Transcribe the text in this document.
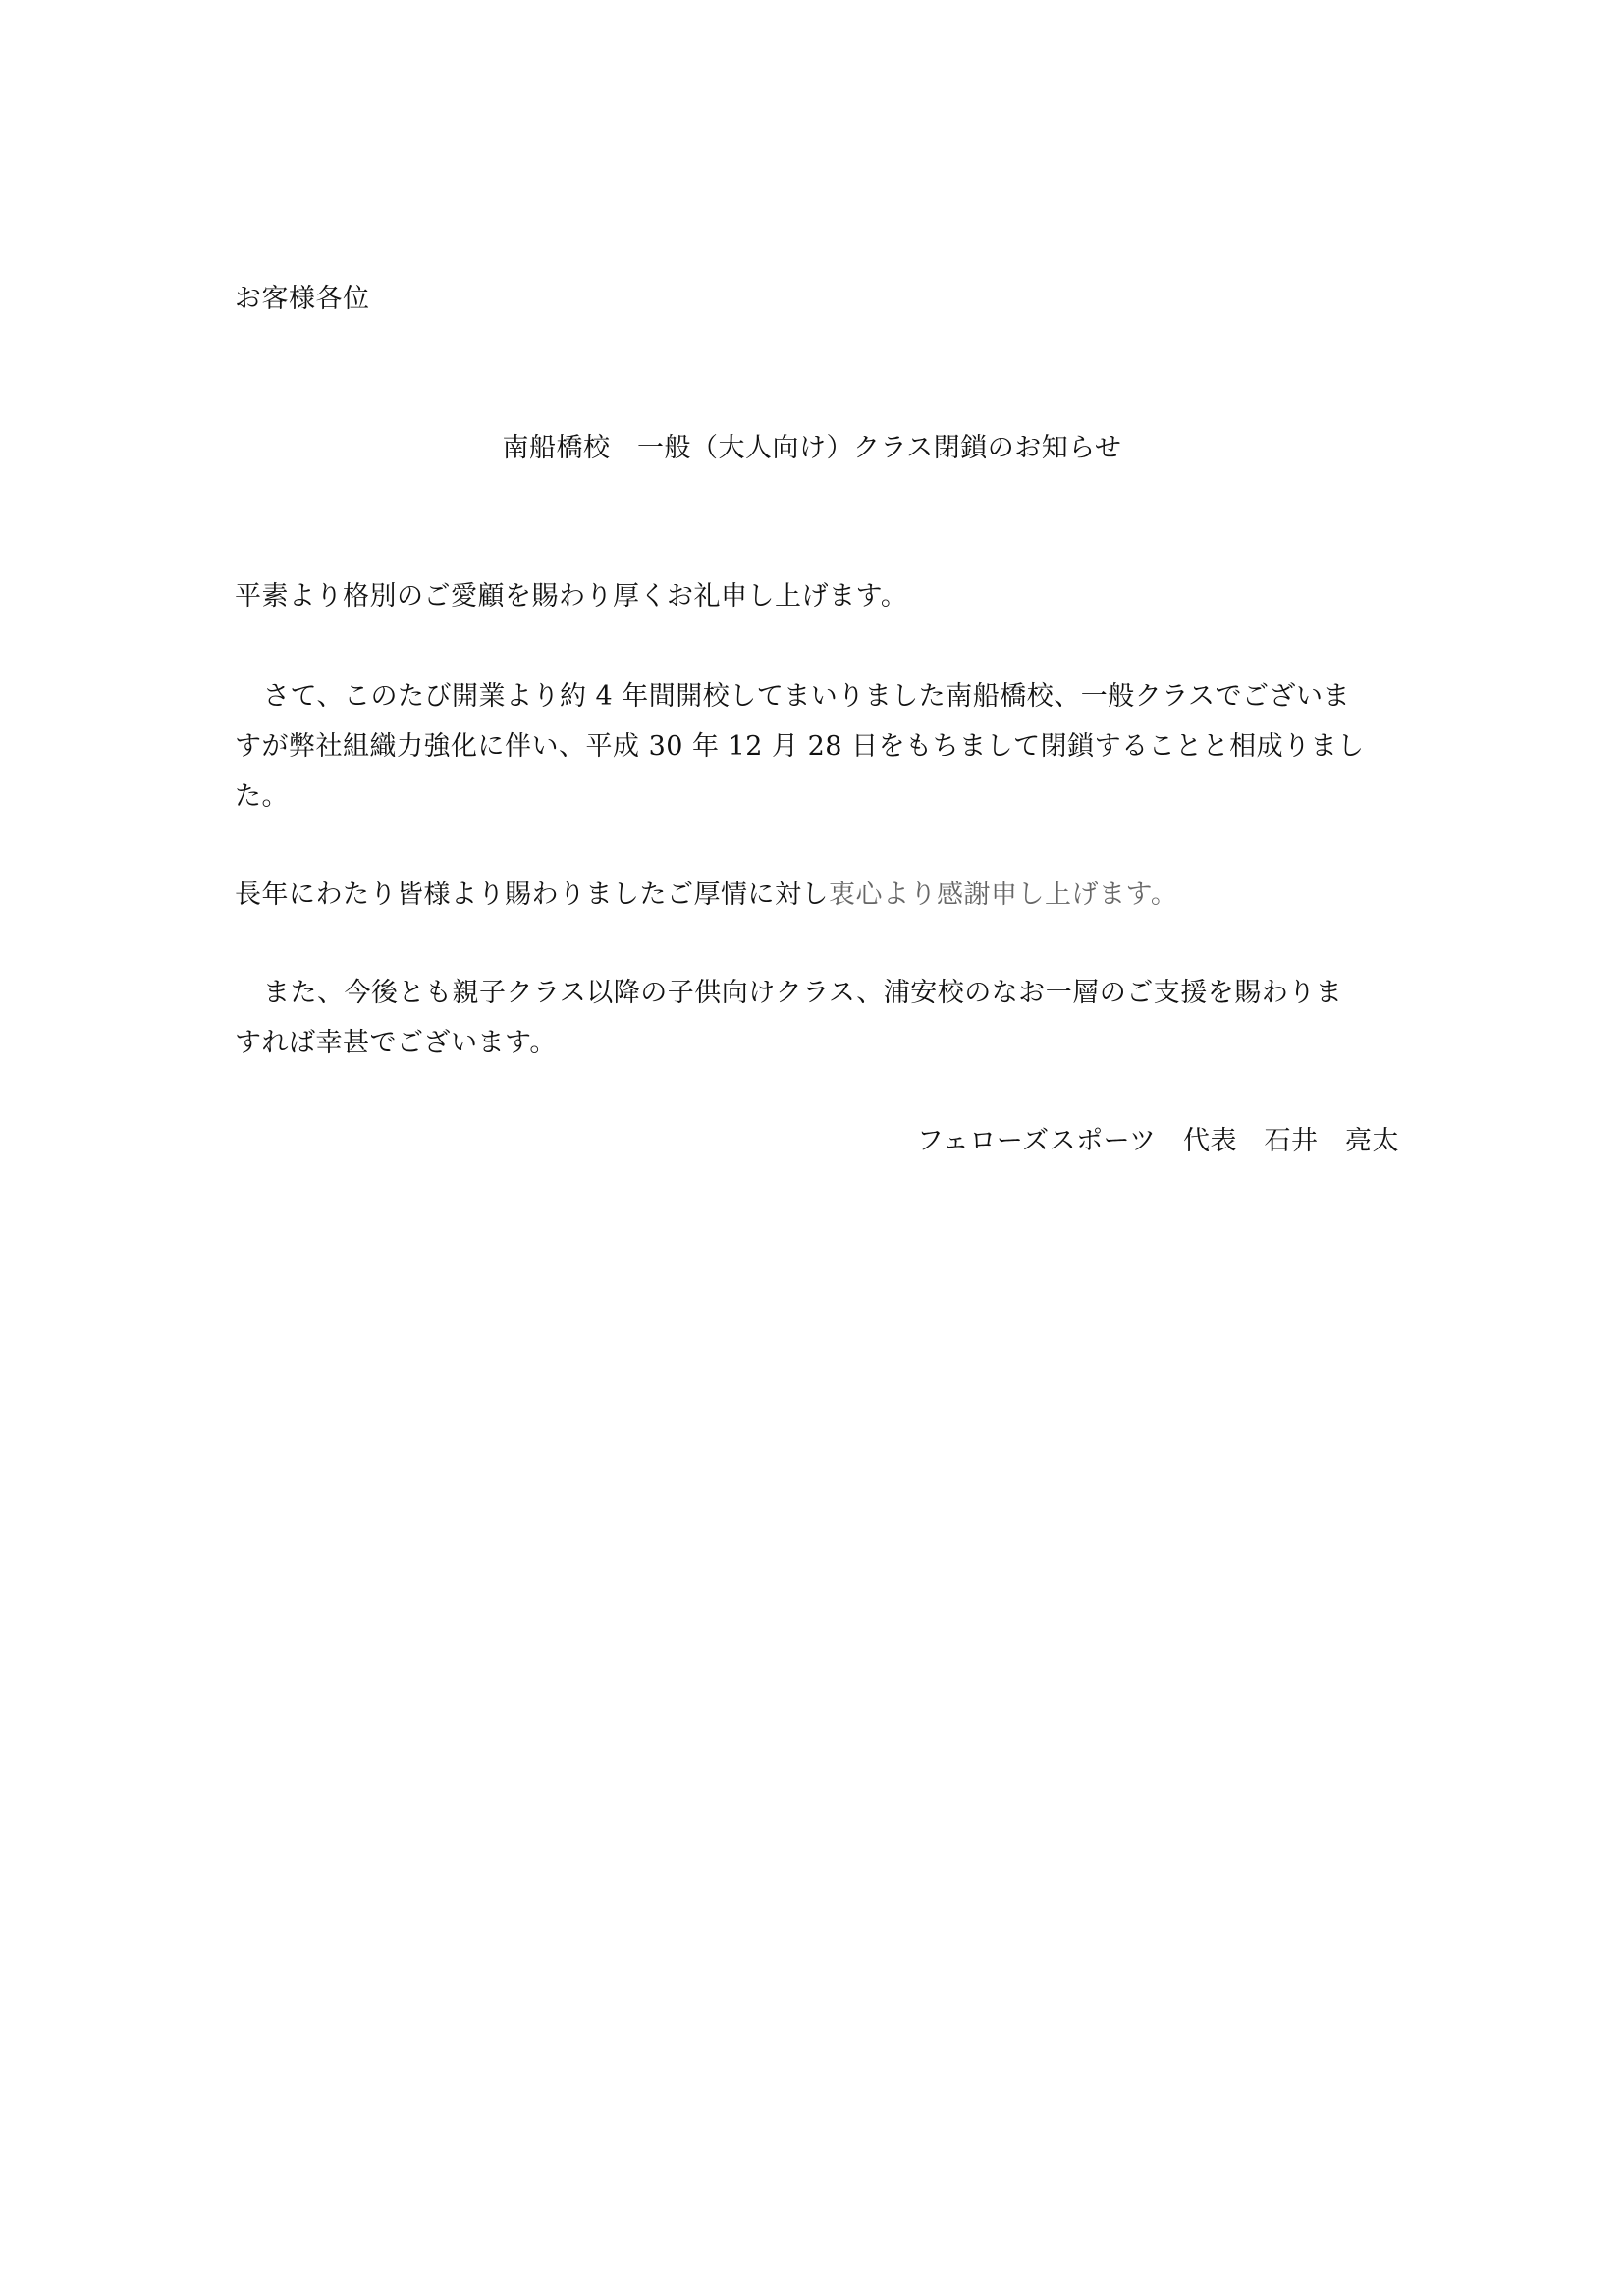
お客様各位
南船橋校　一般（大人向け）クラス閉鎖のお知らせ
平素より格別のご愛顧を賜わり厚くお礼申し上げます。
さて、このたび開業より約 4 年間開校してまいりました南船橋校、一般クラスでございま
すが弊社組織力強化に伴い、平成 30 年 12 月 28 日をもちまして閉鎖することと相成りまし
た。
長年にわたり皆様より賜わりましたご厚情に対し衷心より感謝申し上げます。
また、今後とも親子クラス以降の子供向けクラス、浦安校のなお一層のご支援を賜わりま
すれば幸甚でございます。
フェローズスポーツ　代表　石井　亮太
